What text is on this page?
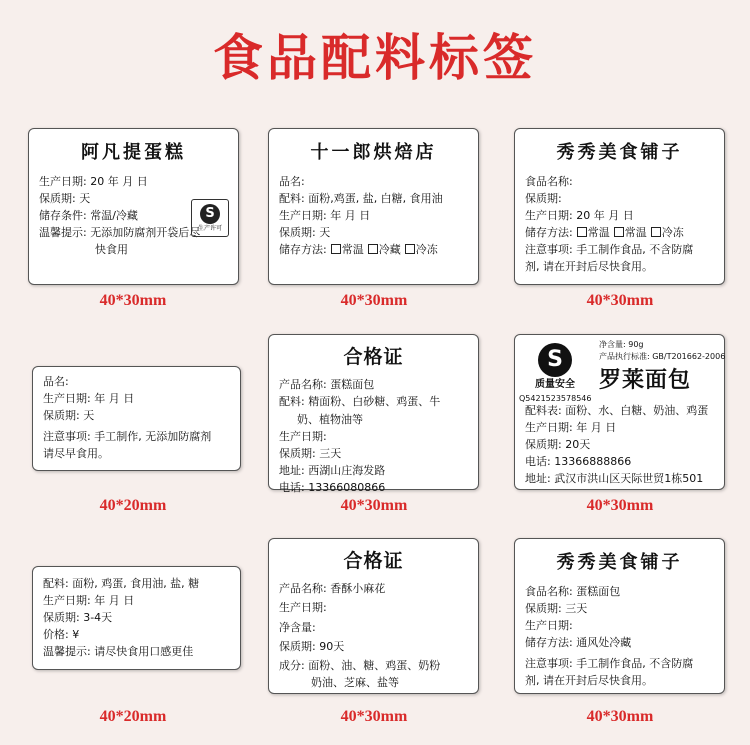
食品配料标签
阿凡提蛋糕
生产日期: 20 年 月 日
保质期: 天
储存条件: 常温/冷藏
温馨提示: 无添加防腐剂开袋后尽
快食用
S
生产许可
40*30mm
十一郎烘焙店
品名:
配料: 面粉,鸡蛋, 盐, 白糖, 食用油
生产日期: 年 月 日
保质期: 天
储存方法: 常温 冷藏 冷冻
40*30mm
秀秀美食铺子
食品名称:
保质期:
生产日期: 20 年 月 日
储存方法: 常温 常温 冷冻
注意事项: 手工制作食品, 不含防腐
剂, 请在开封后尽快食用。
40*30mm
品名:
生产日期: 年 月 日
保质期: 天
注意事项: 手工制作, 无添加防腐剂
请尽早食用。
40*20mm
合格证
产品名称: 蛋糕面包
配料: 精面粉、白砂糖、鸡蛋、牛
奶、植物油等
生产日期:
保质期: 三天
地址: 西湖山庄海发路
电话: 13366080866
40*30mm
S
质量安全
Q5421523578546
净含量: 90g
产品执行标准: GB/T201662-2006
罗莱面包
配料表: 面粉、水、白糖、奶油、鸡蛋
生产日期: 年 月 日
保质期: 20天
电话: 13366888866
地址: 武汉市洪山区天际世贸1栋501
40*30mm
配料: 面粉, 鸡蛋, 食用油, 盐, 糖
生产日期: 年 月 日
保质期: 3-4天
价格: ¥
温馨提示: 请尽快食用口感更佳
40*20mm
合格证
产品名称: 香酥小麻花
生产日期:
净含量:
保质期: 90天
成分: 面粉、油、糖、鸡蛋、奶粉
奶油、芝麻、盐等
40*30mm
秀秀美食铺子
食品名称: 蛋糕面包
保质期: 三天
生产日期:
储存方法: 通风处冷藏
注意事项: 手工制作食品, 不含防腐
剂, 请在开封后尽快食用。
40*30mm
